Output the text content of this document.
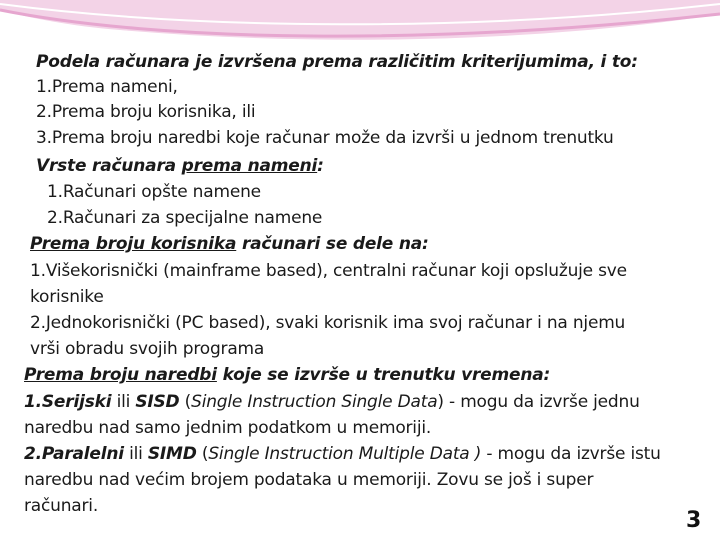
Podela računara je izvršena prema različitim kriterijumima, i to:
1.Prema nameni,
2.Prema broju korisnika, ili
3.Prema broju naredbi koje računar može da izvrši u jednom trenutku
Vrste računara prema nameni:
1.Računari opšte namene
2.Računari za specijalne namene
Prema broju korisnika računari se dele na:
1.Višekorisnički (mainframe based), centralni računar koji opslužuje sve
korisnike
2.Jednokorisnički (PC based), svaki korisnik ima svoj računar i na njemu
vrši obradu svojih programa
Prema broju naredbi koje se izvrše u trenutku vremena:
1.Serijski ili SISD (Single Instruction Single Data) - mogu da izvrše jednu
naredbu nad samo jednim podatkom u memoriji.
2.Paralelni ili SIMD (Single Instruction Multiple Data ) - mogu da izvrše istu
naredbu nad većim brojem podataka u memoriji. Zovu se još i super
računari.
3
